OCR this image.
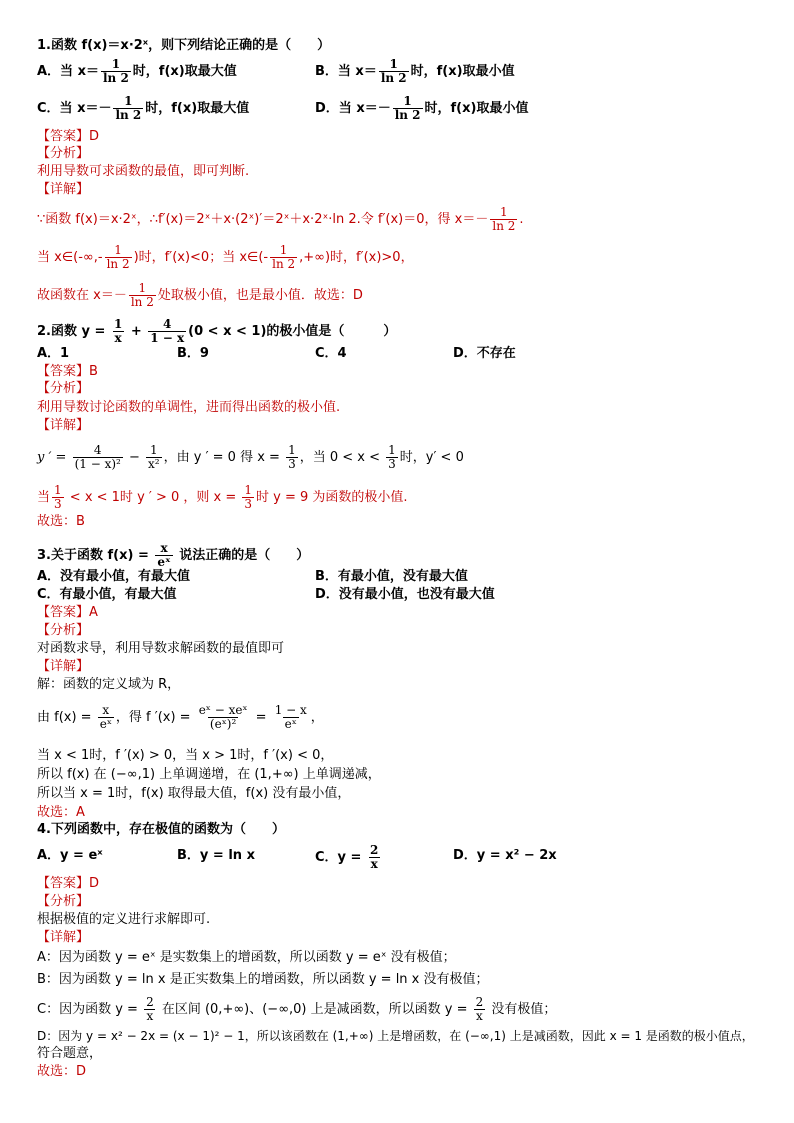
1.函数 f(x)＝x·2ˣ，则下列结论正确的是（　　）
A．当 $x= \frac{1}{\ln 2}$ 时，f(x)取最大值	B．当 $x= \frac{1}{\ln 2}$ 时，f(x)取最小值
C．当 $x=- \frac{1}{\ln 2}$ 时，f(x)取最大值	D．当 $x=- \frac{1}{\ln 2}$ 时，f(x)取最小值
【答案】D
【分析】
利用导数可求函数的最值，即可判断.
【详解】
∵函数 f(x)＝x·2ˣ，∴f′(x)＝2ˣ＋x·(2ˣ)′＝2ˣ＋x·2ˣ·ln 2.令 f′(x)＝0，得 $x=- \frac{1}{\ln 2}$ .
当 x∈(-∞,- $\frac{1}{\ln 2}$ )时，f′(x)<0；当 x∈(- $\frac{1}{\ln 2}$ ,+∞)时，f′(x)>0，
故函数在 $x=- \frac{1}{\ln 2}$ 处取极小值，也是最小值．故选：D
2.函数 $y = \frac{1}{x} + \frac{4}{1 - x} (0 < x < 1)$的极小值是（　　　）
A．1	B．9	C．4	D．不存在
【答案】B
【分析】
利用导数讨论函数的单调性，进而得出函数的极小值.
【详解】
y ′ = $\frac{4}{\text{(1 − x)²}} - \frac{1}{\text{x²}}$ ，由 y ′ = 0 得 $x = \frac{1}{3}$ ，当 $0 < x < \frac{1}{3}$ 时，y′ < 0
当 $\frac{1}{3} < x < 1$时 y ′ > 0 ，则 $x = \frac{1}{3}$ 时 y = 9 为函数的极小值.
故选：B
3.关于函数 $f(x) = \frac{x}{\text{eˣ}}$ 说法正确的是（　　）
A．没有最小值，有最大值	B．有最小值，没有最大值
C．有最小值，有最大值	D．没有最小值，也没有最大值
【答案】A
【分析】
对函数求导，利用导数求解函数的最值即可
【详解】
解：函数的定义域为 R，
由 $f(x) = \frac{x}{\text{eˣ}}$ ，得 f $'(x) = \frac{\text{eˣ − xeˣ}}{\text{(eˣ)²}} = \frac{1 - x}{\text{eˣ}}$ ，
当 x < 1时，f ′(x) > 0，当 x > 1时，f ′(x) < 0，
所以 f(x) 在 (−∞,1) 上单调递增，在 (1,+∞) 上单调递减，
所以当 x = 1时，f(x) 取得最大值，f(x) 没有最小值，
故选：A
4.下列函数中，存在极值的函数为（　　）
A．y = eˣ	B．y = ln x	C．$y = \frac{2}{x}$	D．y = x² − 2x
【答案】D
【分析】
根据极值的定义进行求解即可.
【详解】
A：因为函数 y = eˣ 是实数集上的增函数，所以函数 y = eˣ 没有极值；
B：因为函数 y = ln x 是正实数集上的增函数，所以函数 y = ln x 没有极值；
C：因为函数 $y = \frac{2}{x}$ 在区间 (0,+∞)、(−∞,0) 上是减函数，所以函数 $y = \frac{2}{x}$ 没有极值；
D：因为 y = x² − 2x = (x − 1)² − 1，所以该函数在 (1,+∞) 上是增函数，在 (−∞,1) 上是减函数，因此 x = 1 是函数的极小值点，
符合题意，
故选：D
